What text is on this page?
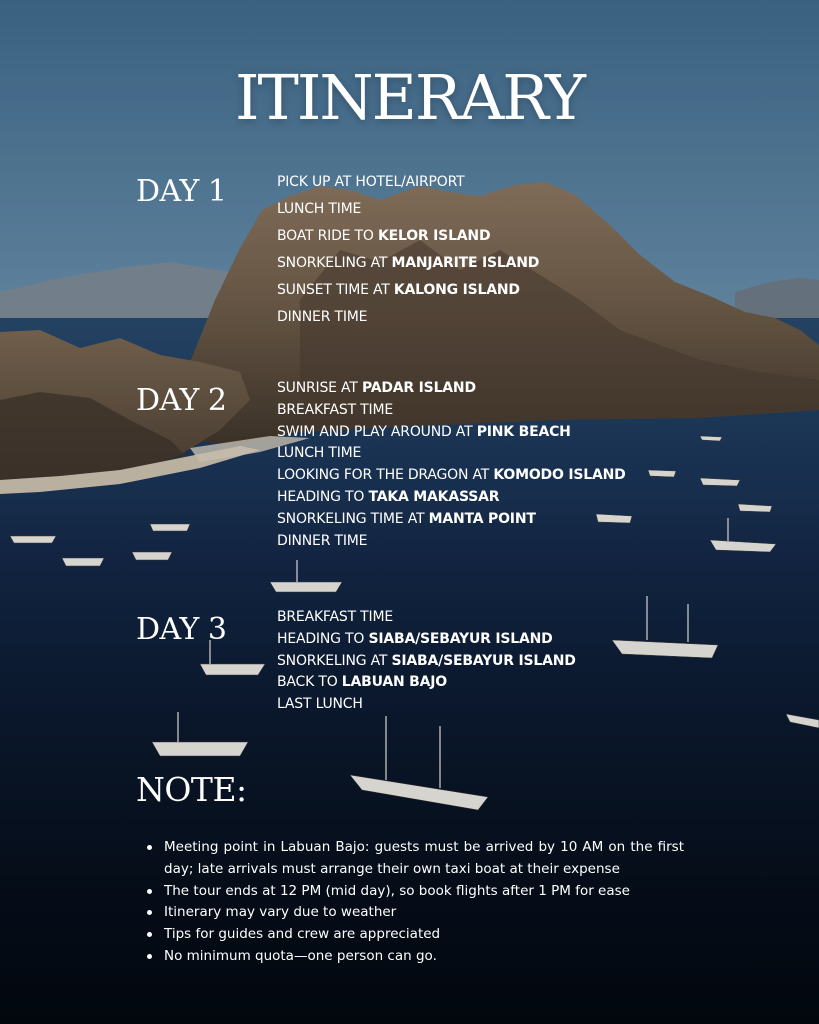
ITINERARY
DAY 1	PICK UP AT HOTEL/AIRPORT
LUNCH TIME
BOAT RIDE TO KELOR ISLAND
SNORKELING AT MANJARITE ISLAND
SUNSET TIME AT KALONG ISLAND
DINNER TIME
DAY 2	SUNRISE AT PADAR ISLAND
BREAKFAST TIME
SWIM AND PLAY AROUND AT PINK BEACH
LUNCH TIME
LOOKING FOR THE DRAGON AT KOMODO ISLAND
HEADING TO TAKA MAKASSAR
SNORKELING TIME AT MANTA POINT
DINNER TIME
DAY 3	BREAKFAST TIME
HEADING TO SIABA/SEBAYUR ISLAND
SNORKELING AT SIABA/SEBAYUR ISLAND
BACK TO LABUAN BAJO
LAST LUNCH
NOTE:
Meeting point in Labuan Bajo: guests must be arrived by 10 AM on the first day; late arrivals must arrange their own taxi boat at their expense
The tour ends at 12 PM (mid day), so book flights after 1 PM for ease
Itinerary may vary due to weather
Tips for guides and crew are appreciated
No minimum quota—one person can go.
